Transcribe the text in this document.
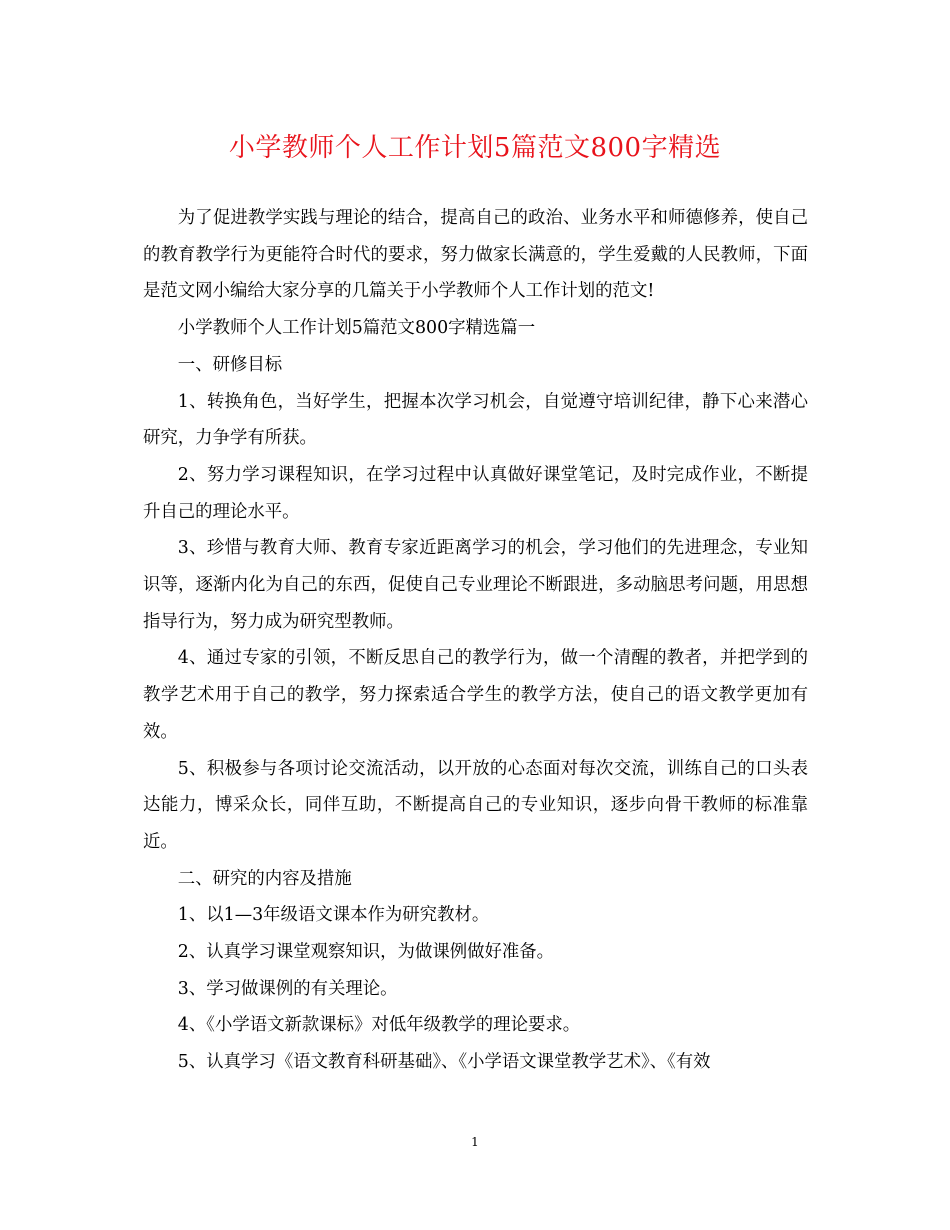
小学教师个人工作计划5篇范文800字精选

为了促进教学实践与理论的结合，提高自己的政治、业务水平和师德修养，使自己的教育教学行为更能符合时代的要求，努力做家长满意的，学生爱戴的人民教师，下面是范文网小编给大家分享的几篇关于小学教师个人工作计划的范文!

小学教师个人工作计划5篇范文800字精选篇一

一、研修目标

1、转换角色，当好学生，把握本次学习机会，自觉遵守培训纪律，静下心来潜心研究，力争学有所获。

2、努力学习课程知识，在学习过程中认真做好课堂笔记，及时完成作业，不断提升自己的理论水平。

3、珍惜与教育大师、教育专家近距离学习的机会，学习他们的先进理念，专业知识等，逐渐内化为自己的东西，促使自己专业理论不断跟进，多动脑思考问题，用思想指导行为，努力成为研究型教师。

4、通过专家的引领，不断反思自己的教学行为，做一个清醒的教者，并把学到的教学艺术用于自己的教学，努力探索适合学生的教学方法，使自己的语文教学更加有效。

5、积极参与各项讨论交流活动，以开放的心态面对每次交流，训练自己的口头表达能力，博采众长，同伴互助，不断提高自己的专业知识，逐步向骨干教师的标准靠近。

二、研究的内容及措施

1、以1—3年级语文课本作为研究教材。

2、认真学习课堂观察知识，为做课例做好准备。

3、学习做课例的有关理论。

4、《小学语文新款课标》对低年级教学的理论要求。

5、认真学习《语文教育科研基础》、《小学语文课堂教学艺术》、《有效

1
